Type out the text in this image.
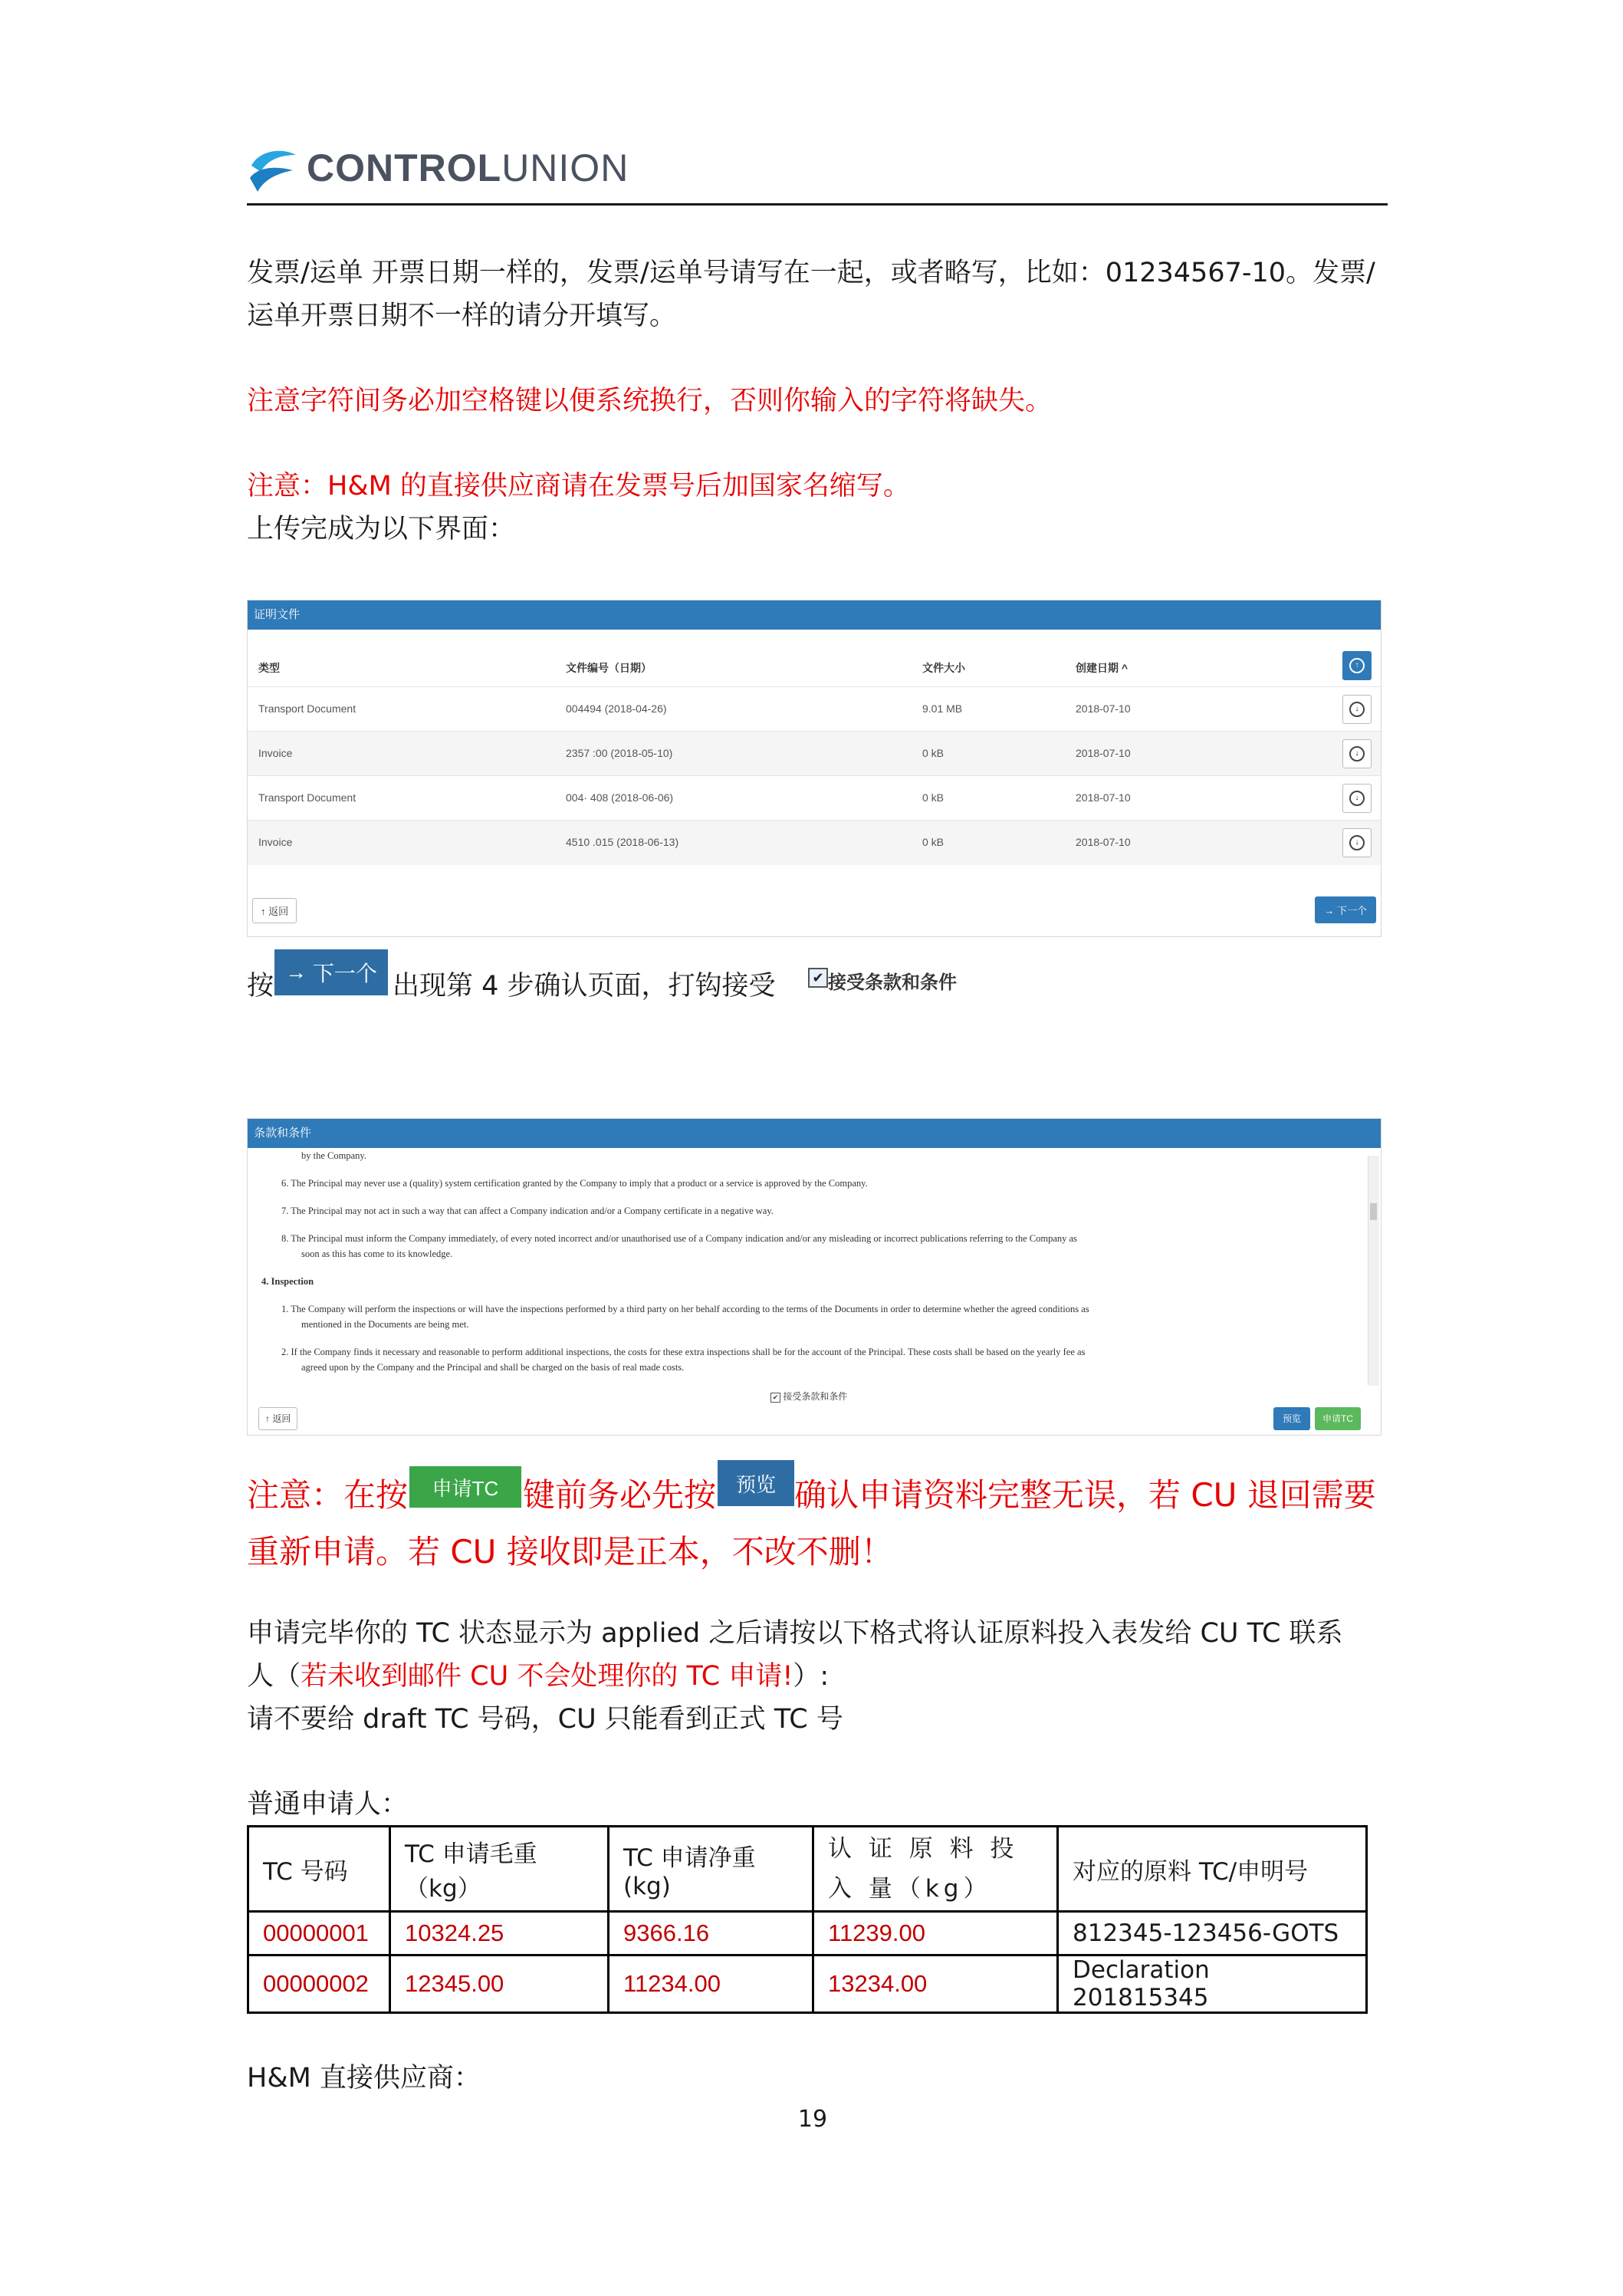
CONTROLUNION

发票/运单 开票日期一样的，发票/运单号请写在一起，或者略写，比如：01234567-10。发票/运单开票日期不一样的请分开填写。

注意字符间务必加空格键以便系统换行，否则你输入的字符将缺失。

注意：H&M 的直接供应商请在发票号后加国家名缩写。

上传完成为以下界面：

证明文件
类型	文件编号（日期）	文件大小	创建日期 ^	↑
Transport Document	004494 (2018-04-26)	9.01 MB	2018-07-10	↓
Invoice	2357 :00 (2018-05-10)	0 kB	2018-07-10	↓
Transport Document	004· 408 (2018-06-06)	0 kB	2018-07-10	↓
Invoice	4510 .015 (2018-06-13)	0 kB	2018-07-10	↓
↑ 返回	→ 下一个
按 →
下一个 出现第 4 步确认页面，打钩接受	✔ 接受条款和条件
条款和条件
by the Company.
6. The Principal may never use a (quality) system certification granted by the Company to imply that a product or a service is approved by the Company.
7. The Principal may not act in such a way that can affect a Company indication and/or a Company certificate in a negative way.
8. The Principal must inform the Company immediately, of every noted incorrect and/or unauthorised use of a Company indication and/or any misleading or incorrect publications referring to the Company as
soon as this has come to its knowledge.
4. Inspection
1. The Company will perform the inspections or will have the inspections performed by a third party on her behalf according to the terms of the Documents in order to determine whether the agreed conditions as
mentioned in the Documents are being met.
2. If the Company finds it necessary and reasonable to perform additional inspections, the costs for these extra inspections shall be for the account of the Principal. These costs shall be based on the yearly fee as
agreed upon by the Company and the Principal and shall be charged on the basis of real made costs.
✔ 接受条款和条件
↑ 返回	预览	申请TC
注意：在按	申请TC 键前务必先按 预览 确认申请资料完整无误，若 CU 退回需要
重新申请。若 CU 接收即是正本，不改不删！
申请完毕你的 TC 状态显示为 applied 之后请按以下格式将认证原料投入表发给 CU TC 联系
人（若未收到邮件 CU 不会处理你的 TC 申请!）:
请不要给 draft TC 号码，CU 只能看到正式 TC 号
普通申请人：
TC 号码	TC 申请毛重（kg）	TC 申请净重(kg)	认 证 原 料 投 入 量（kg）	对应的原料 TC/申明号
00000001	10324.25	9366.16	11239.00	812345-123456-GOTS
00000002	12345.00	11234.00	13234.00	Declaration 201815345
H&M 直接供应商：
19
